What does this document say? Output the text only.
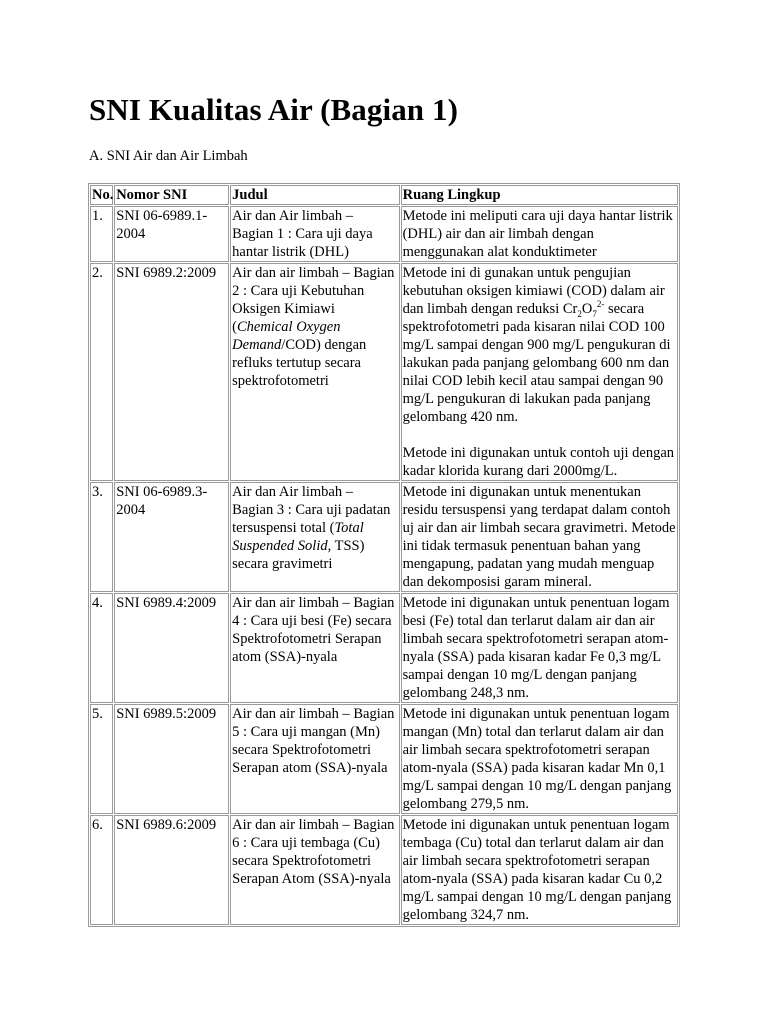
SNI Kualitas Air (Bagian 1)

A. SNI Air dan Air Limbah

No.	Nomor SNI	Judul	Ruang Lingkup
1.	SNI 06-6989.1-2004	Air dan Air limbah – Bagian 1 : Cara uji daya hantar listrik (DHL)	Metode ini meliputi cara uji daya hantar listrik (DHL) air dan air limbah dengan menggunakan alat konduktimeter
2.	SNI 6989.2:2009	Air dan air limbah – Bagian 2 : Cara uji Kebutuhan Oksigen Kimiawi (Chemical Oxygen Demand/COD) dengan refluks tertutup secara spektrofotometri	Metode ini di gunakan untuk pengujian kebutuhan oksigen kimiawi (COD) dalam air dan limbah dengan reduksi $Cr_2O_7^{2-}$ secara spektrofotometri pada kisaran nilai COD 100 mg/L sampai dengan 900 mg/L pengukuran di lakukan pada panjang gelombang 600 nm dan nilai COD lebih kecil atau sampai dengan 90 mg/L pengukuran di lakukan pada panjang gelombang 420 nm.
Metode ini digunakan untuk contoh uji dengan kadar klorida kurang dari 2000mg/L.
3.	SNI 06-6989.3-2004	Air dan Air limbah – Bagian 3 : Cara uji padatan tersuspensi total (Total Suspended Solid, TSS) secara gravimetri	Metode ini digunakan untuk menentukan residu tersuspensi yang terdapat dalam contoh uj air dan air limbah secara gravimetri. Metode ini tidak termasuk penentuan bahan yang mengapung, padatan yang mudah menguap dan dekomposisi garam mineral.
4.	SNI 6989.4:2009	Air dan air limbah – Bagian 4 : Cara uji besi (Fe) secara Spektrofotometri Serapan atom (SSA)-nyala	Metode ini digunakan untuk penentuan logam besi (Fe) total dan terlarut dalam air dan air limbah secara spektrofotometri serapan atom-nyala (SSA) pada kisaran kadar Fe 0,3 mg/L sampai dengan 10 mg/L dengan panjang gelombang 248,3 nm.
5.	SNI 6989.5:2009	Air dan air limbah – Bagian 5 : Cara uji mangan (Mn) secara Spektrofotometri Serapan atom (SSA)-nyala	Metode ini digunakan untuk penentuan logam mangan (Mn) total dan terlarut dalam air dan air limbah secara spektrofotometri serapan atom-nyala (SSA) pada kisaran kadar Mn 0,1 mg/L sampai dengan 10 mg/L dengan panjang gelombang 279,5 nm.
6.	SNI 6989.6:2009	Air dan air limbah – Bagian 6 : Cara uji tembaga (Cu) secara Spektrofotometri Serapan Atom (SSA)-nyala	Metode ini digunakan untuk penentuan logam tembaga (Cu) total dan terlarut dalam air dan air limbah secara spektrofotometri serapan atom-nyala (SSA) pada kisaran kadar Cu 0,2 mg/L sampai dengan 10 mg/L dengan panjang gelombang 324,7 nm.
